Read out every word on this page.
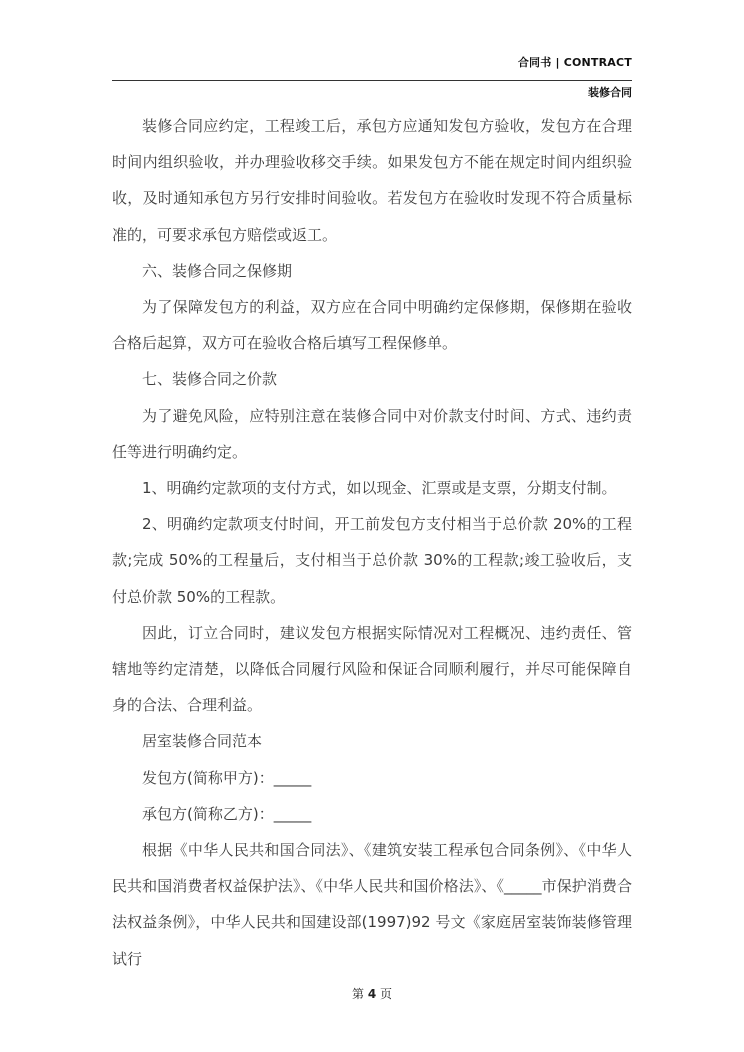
合同书 | CONTRACT
装修合同

装修合同应约定，工程竣工后，承包方应通知发包方验收，发包方在合理时间内组织验收，并办理验收移交手续。如果发包方不能在规定时间内组织验收，及时通知承包方另行安排时间验收。若发包方在验收时发现不符合质量标准的，可要求承包方赔偿或返工。

六、装修合同之保修期

为了保障发包方的利益，双方应在合同中明确约定保修期，保修期在验收合格后起算，双方可在验收合格后填写工程保修单。

七、装修合同之价款

为了避免风险，应特别注意在装修合同中对价款支付时间、方式、违约责任等进行明确约定。

1、明确约定款项的支付方式，如以现金、汇票或是支票，分期支付制。

2、明确约定款项支付时间，开工前发包方支付相当于总价款 20%的工程款;完成 50%的工程量后，支付相当于总价款 30%的工程款;竣工验收后，支付总价款 50%的工程款。

因此，订立合同时，建议发包方根据实际情况对工程概况、违约责任、管辖地等约定清楚，以降低合同履行风险和保证合同顺利履行，并尽可能保障自身的合法、合理利益。

居室装修合同范本

发包方(简称甲方)：_____

承包方(简称乙方)：_____

根据《中华人民共和国合同法》、《建筑安装工程承包合同条例》、《中华人民共和国消费者权益保护法》、《中华人民共和国价格法》、《_____市保护消费合法权益条例》，中华人民共和国建设部(1997)92 号文《家庭居室装饰装修管理试行

第 4 页
